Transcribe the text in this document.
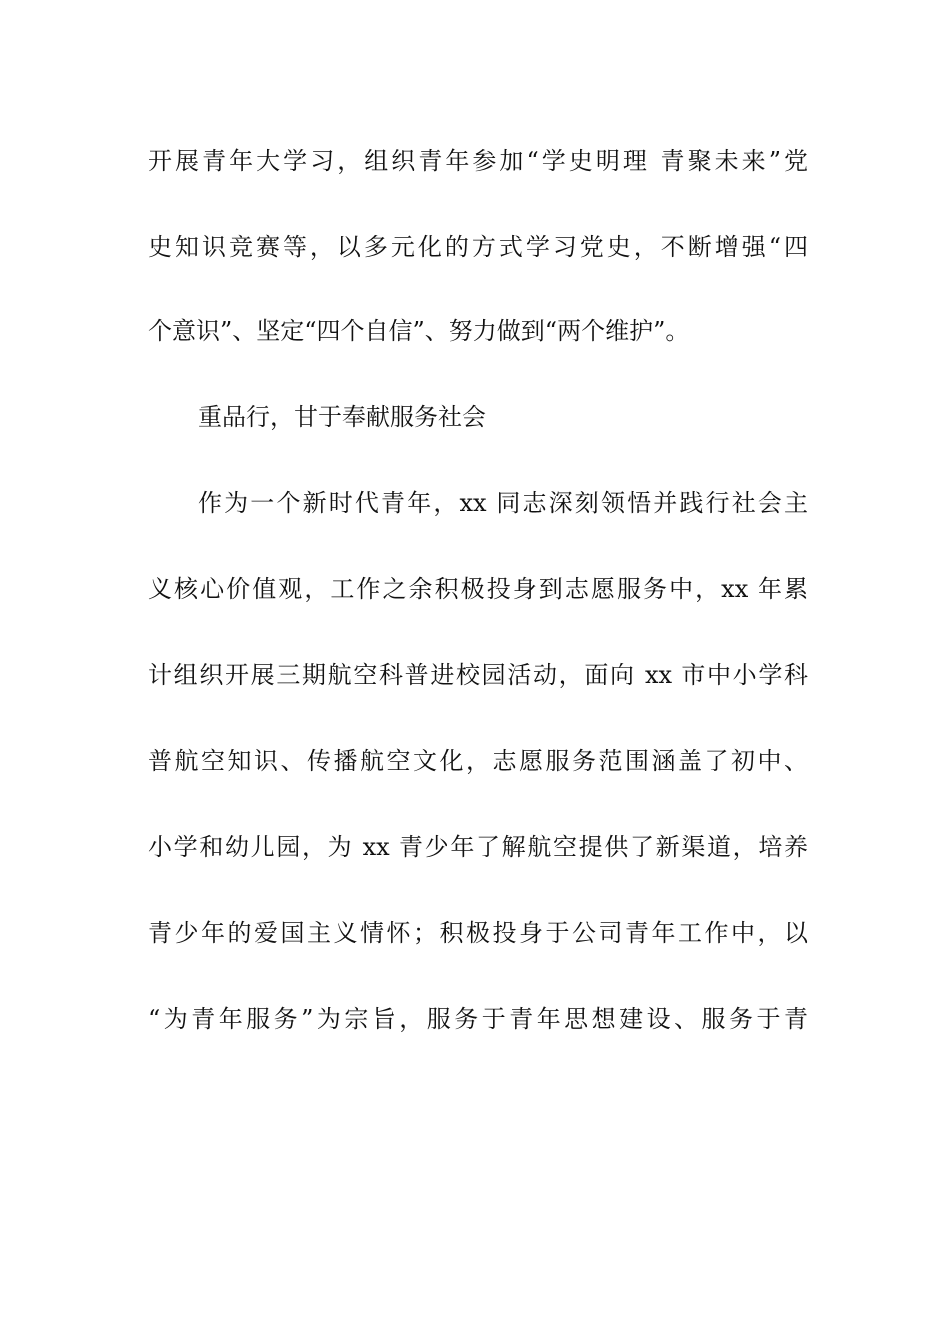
开展青年大学习，组织青年参加“学史明理 青聚未来”党
史知识竞赛等，以多元化的方式学习党史，不断增强“四
个意识”、坚定“四个自信”、努力做到“两个维护”。
重品行，甘于奉献服务社会
作为一个新时代青年，xx 同志深刻领悟并践行社会主
义核心价值观，工作之余积极投身到志愿服务中，xx 年累
计组织开展三期航空科普进校园活动，面向 xx 市中小学科
普航空知识、传播航空文化，志愿服务范围涵盖了初中、
小学和幼儿园，为 xx 青少年了解航空提供了新渠道，培养
青少年的爱国主义情怀；积极投身于公司青年工作中，以
“为青年服务”为宗旨，服务于青年思想建设、服务于青
